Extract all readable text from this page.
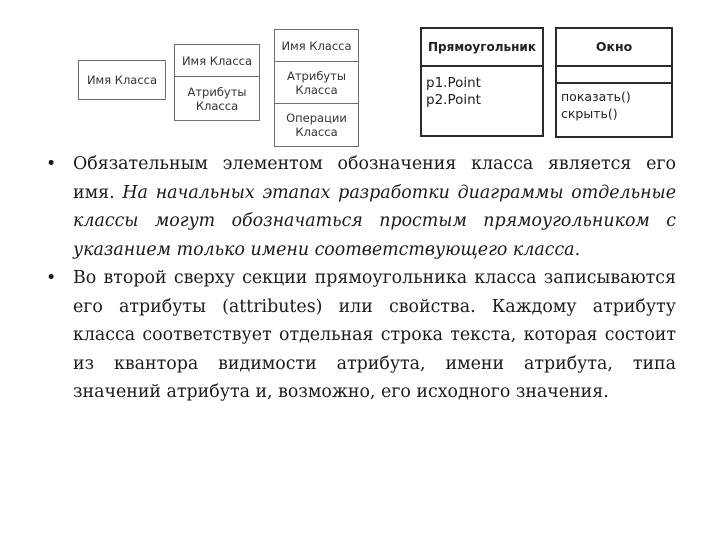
Имя Класса
Имя Класса
Атрибуты
Класса
Имя Класса
Атрибуты
Класса
Операции
Класса
Прямоугольник
p1.Point
p2.Point
Окно
показать()
скрыть()
• Обязательным элементом обозначения класса является его имя. На начальных этапах разработки диаграммы отдельные классы могут обозначаться простым прямоугольником с указанием только имени соответствующего класса.
• Во второй сверху секции прямоугольника класса записываются его атрибуты (attributes) или свойства. Каждому атрибуту класса соответствует отдельная строка текста, которая состоит из квантора видимости атрибута, имени атрибута, типа значений атрибута и, возможно, его исходного значения.
